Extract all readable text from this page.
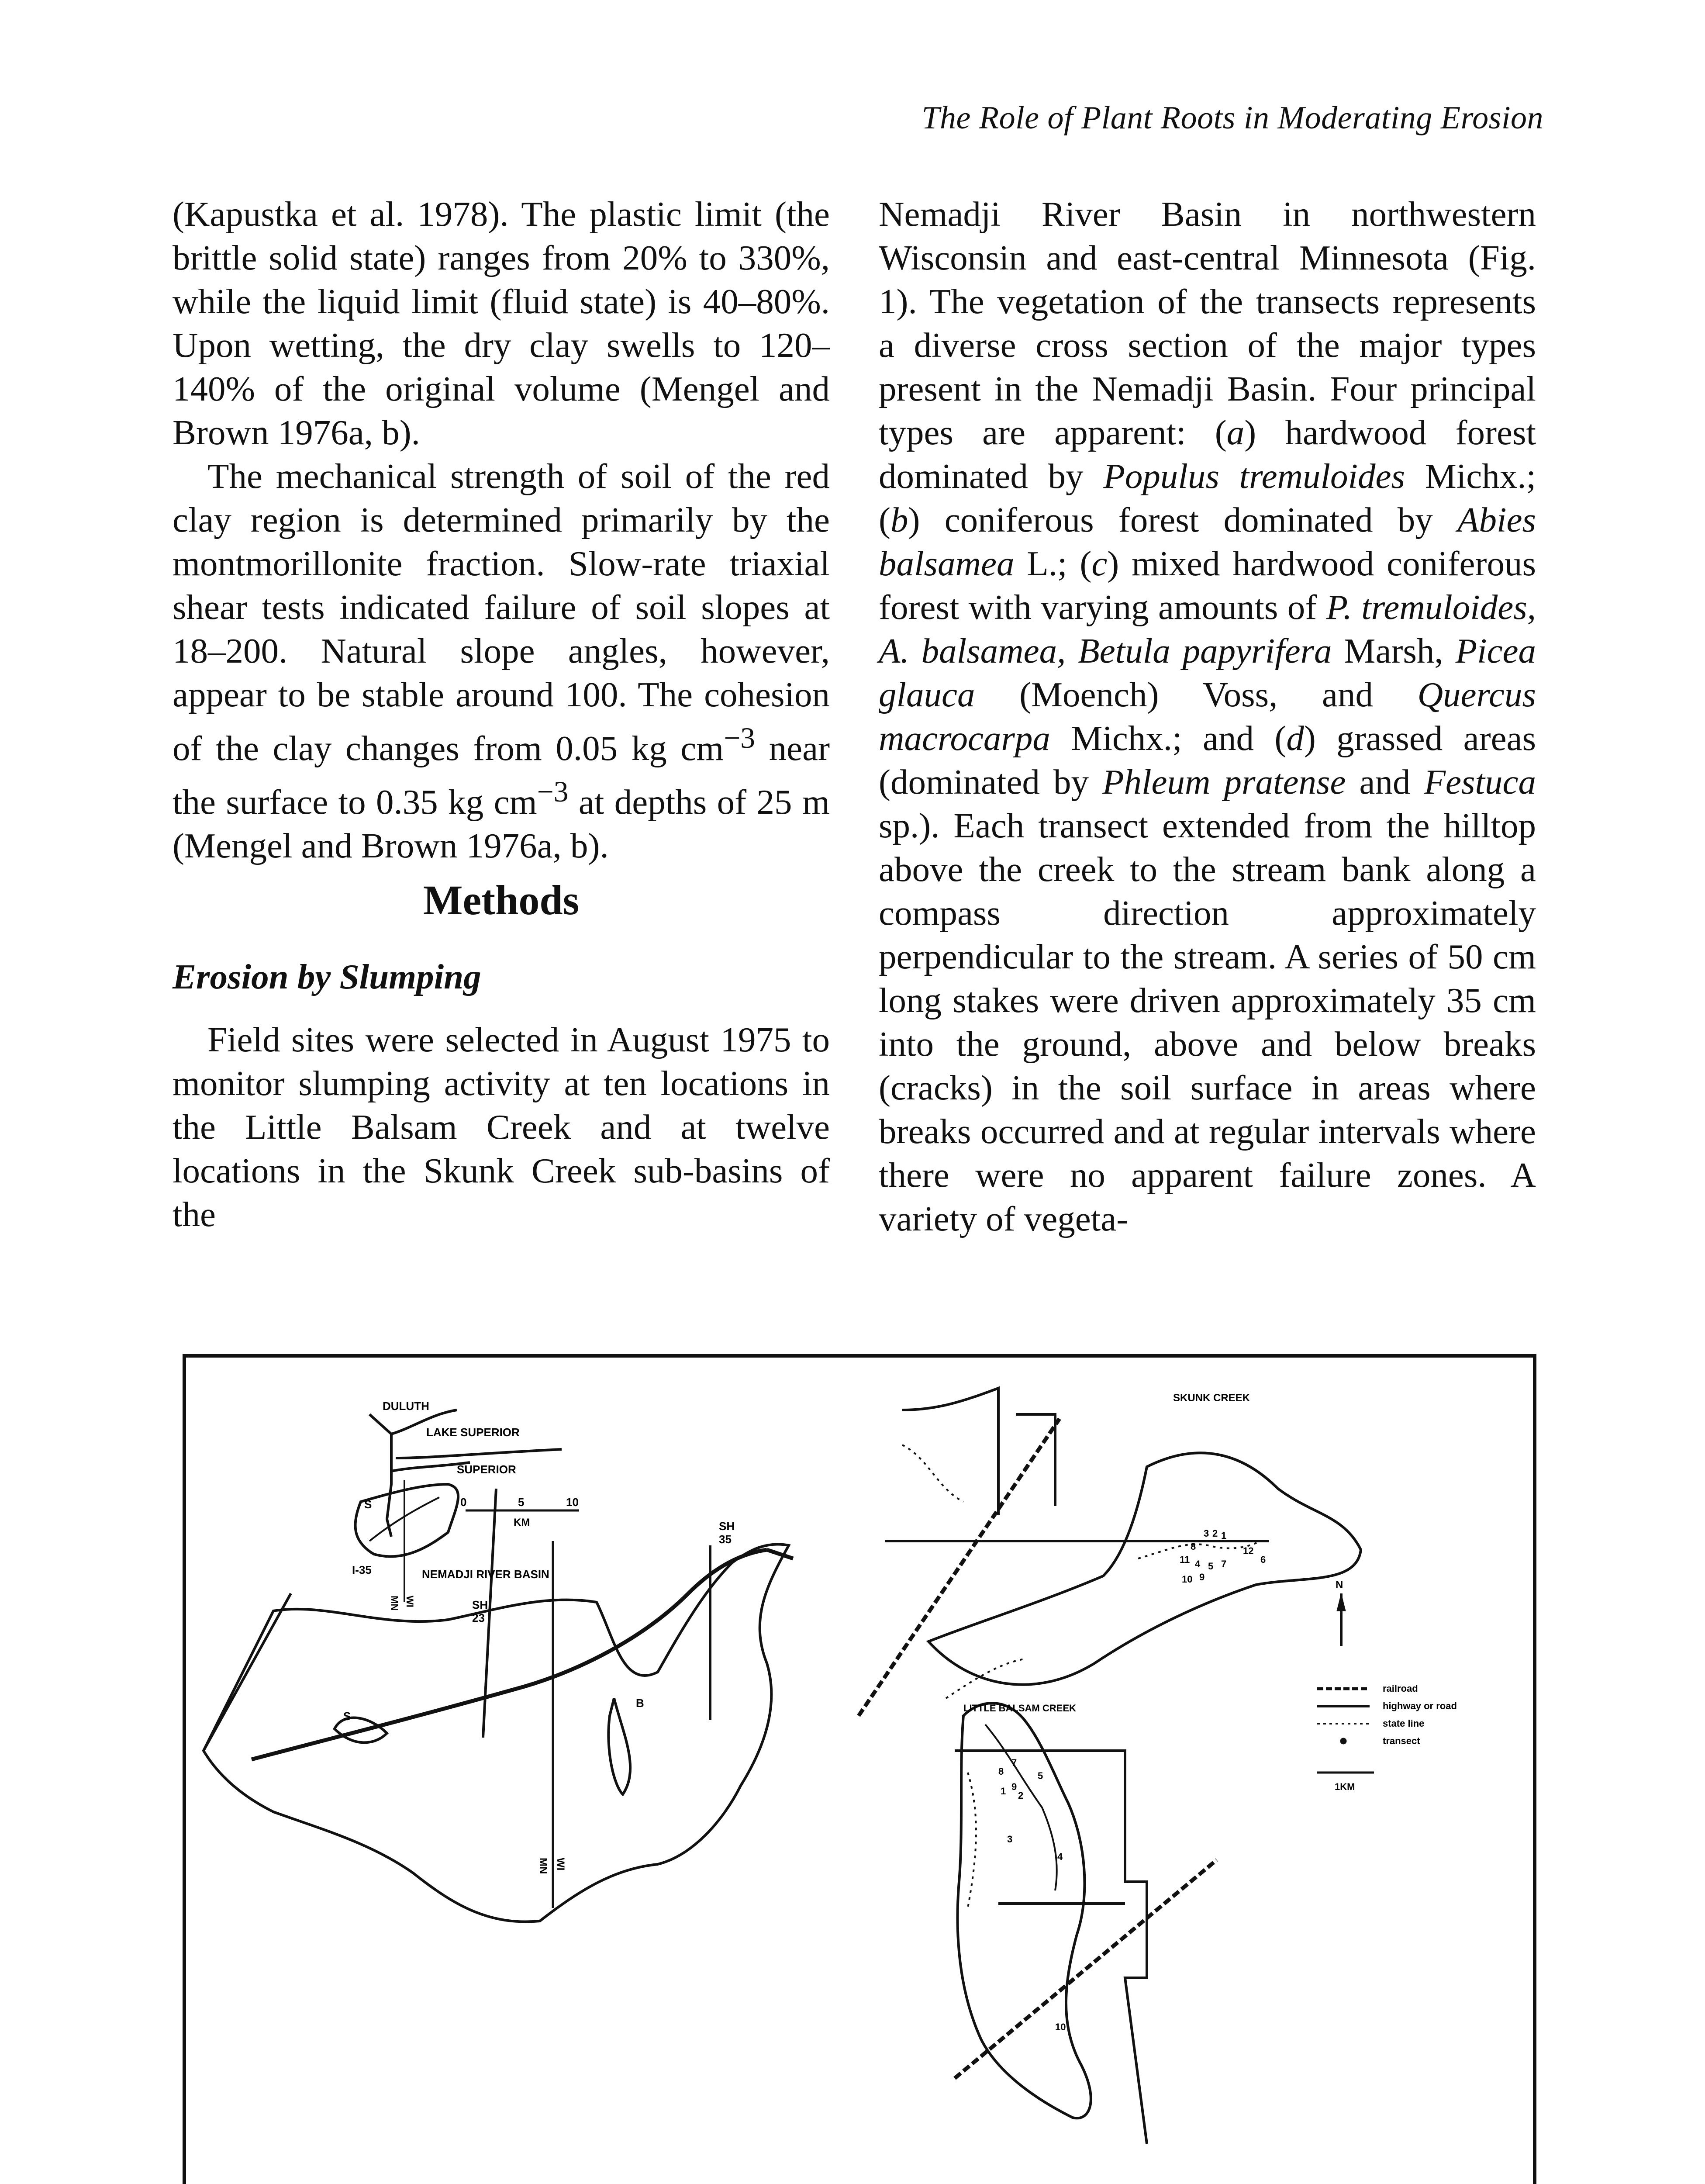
The Role of Plant Roots in Moderating Erosion

(Kapustka et al. 1978). The plastic limit (the brittle solid state) ranges from 20% to 330%, while the liquid limit (fluid state) is 40–80%. Upon wetting, the dry clay swells to 120–140% of the original volume (Mengel and Brown 1976a, b).

The mechanical strength of soil of the red clay region is determined primarily by the montmorillonite fraction. Slow-rate triaxial shear tests indicated failure of soil slopes at 18–200. Natural slope angles, however, appear to be stable around 100. The cohesion of the clay changes from 0.05 kg $cm^{-3}$ near the surface to 0.35 kg $cm^{-3}$ at depths of 25 m (Mengel and Brown 1976a, b).

Methods
Erosion by Slumping

Field sites were selected in August 1975 to monitor slumping activity at ten locations in the Little Balsam Creek and at twelve locations in the Skunk Creek sub-basins of the

Nemadji River Basin in northwestern Wisconsin and east-central Minnesota (Fig. 1). The vegetation of the transects represents a diverse cross section of the major types present in the Nemadji Basin. Four principal types are apparent: (a) hardwood forest dominated by Populus tremuloides Michx.; (b) coniferous forest dominated by Abies balsamea L.; (c) mixed hardwood coniferous forest with varying amounts of P. tremuloides, A. balsamea, Betula papyrifera Marsh, Picea glauca (Moench) Voss, and Quercus macrocarpa Michx.; and (d) grassed areas (dominated by Phleum pratense and Festuca sp.). Each transect extended from the hilltop above the creek to the stream bank along a compass direction approximately perpendicular to the stream. A series of 50 cm long stakes were driven approximately 35 cm into the ground, above and below breaks (cracks) in the soil surface in areas where breaks occurred and at regular intervals where there were no apparent failure zones. A variety of vegeta-

DULUTH
LAKE SUPERIOR
SUPERIOR
S
MN WI
0	5	10
KM	SH
35
I-35	NEMADJI RIVER BASIN
SH
23
S
B
MN WI
SKUNK CREEK
1
2
3
4 5
6
7
8
9
10
11
12
N
railroad
highway or road
state line
transect
1KM
LITTLE BALSAM CREEK
1 2
3
4
5
7
8
9
10
